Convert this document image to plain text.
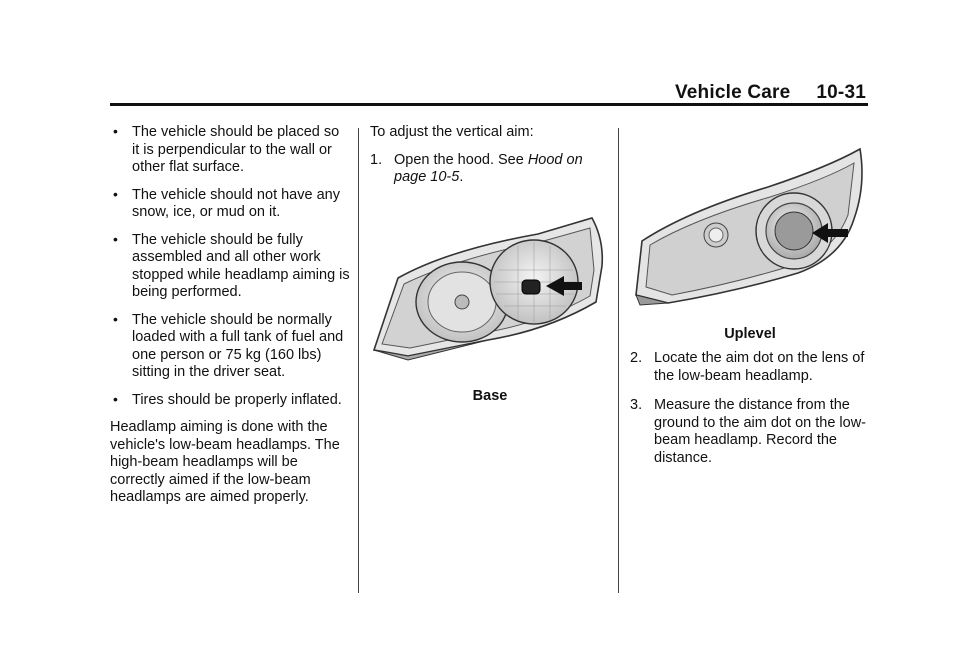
Vehicle Care 10-31
• The vehicle should be placed so it is perpendicular to the wall or other flat surface.
• The vehicle should not have any snow, ice, or mud on it.
• The vehicle should be fully assembled and all other work stopped while headlamp aiming is being performed.
• The vehicle should be normally loaded with a full tank of fuel and one person or 75 kg (160 lbs) sitting in the driver seat.
• Tires should be properly inflated.

Headlamp aiming is done with the vehicle's low-beam headlamps. The high-beam headlamps will be correctly aimed if the low-beam headlamps are aimed properly.

To adjust the vertical aim:

1. Open the hood. See Hood on page 10-5.
Base
Uplevel
2. Locate the aim dot on the lens of the low-beam headlamp.
3. Measure the distance from the ground to the aim dot on the low-beam headlamp. Record the distance.
